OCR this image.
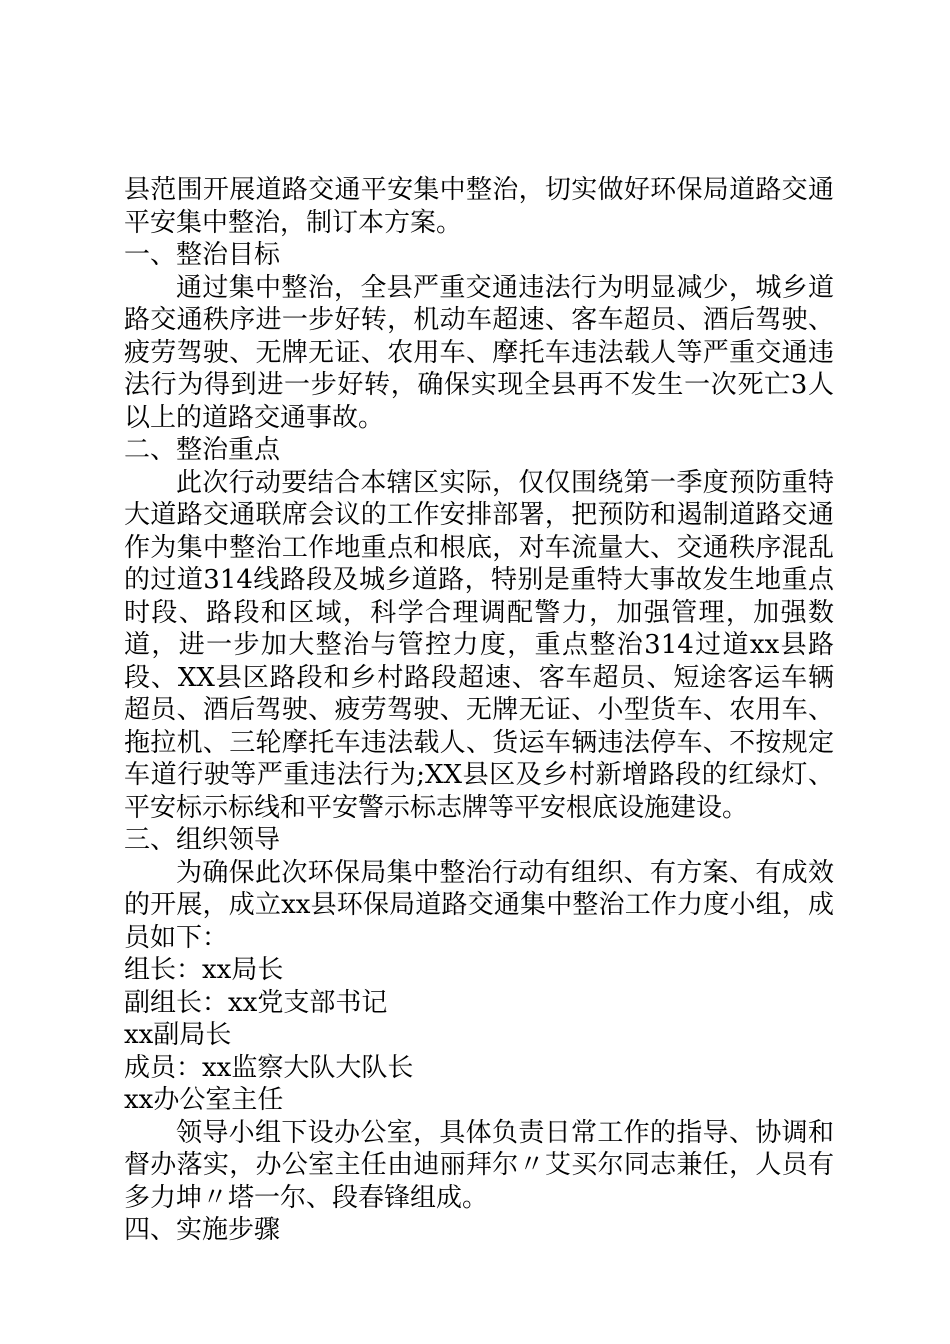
县范围开展道路交通平安集中整治，切实做好环保局道路交通平安集中整治，制订本方案。

一、整治目标

通过集中整治，全县严重交通违法行为明显减少，城乡道路交通秩序进一步好转，机动车超速、客车超员、酒后驾驶、疲劳驾驶、无牌无证、农用车、摩托车违法载人等严重交通违法行为得到进一步好转，确保实现全县再不发生一次死亡3人以上的道路交通事故。

二、整治重点

此次行动要结合本辖区实际，仅仅围绕第一季度预防重特大道路交通联席会议的工作安排部署，把预防和遏制道路交通作为集中整治工作地重点和根底，对车流量大、交通秩序混乱的过道314线路段及城乡道路，特别是重特大事故发生地重点时段、路段和区域，科学合理调配警力，加强管理，加强数道，进一步加大整治与管控力度，重点整治314过道xx县路段、XX县区路段和乡村路段超速、客车超员、短途客运车辆超员、酒后驾驶、疲劳驾驶、无牌无证、小型货车、农用车、拖拉机、三轮摩托车违法载人、货运车辆违法停车、不按规定车道行驶等严重违法行为;XX县区及乡村新增路段的红绿灯、平安标示标线和平安警示标志牌等平安根底设施建设。

三、组织领导

为确保此次环保局集中整治行动有组织、有方案、有成效的开展，成立xx县环保局道路交通集中整治工作力度小组，成员如下：

组长：xx局长

副组长：xx党支部书记

xx副局长

成员：xx监察大队大队长

xx办公室主任

领导小组下设办公室，具体负责日常工作的指导、协调和督办落实，办公室主任由迪丽拜尔〃艾买尔同志兼任，人员有多力坤〃塔一尔、段春锋组成。

四、实施步骤
